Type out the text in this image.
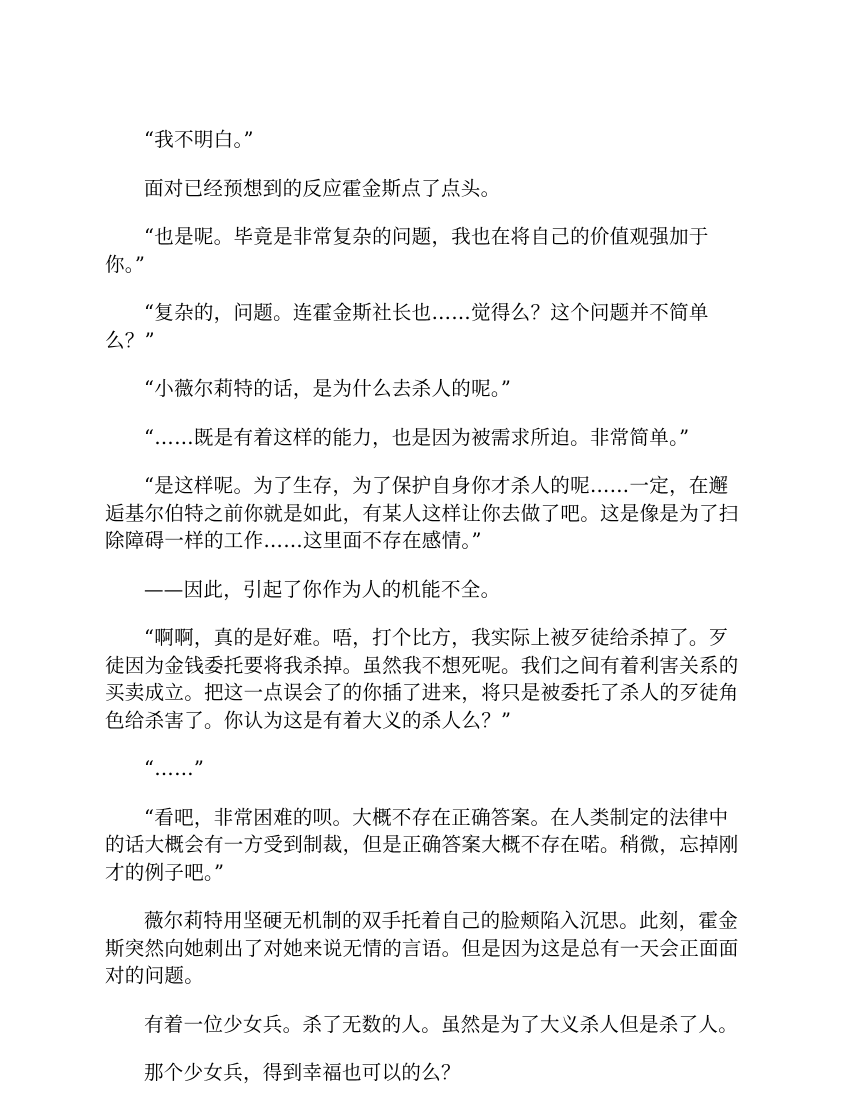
“我不明白。”

面对已经预想到的反应霍金斯点了点头。

“也是呢。毕竟是非常复杂的问题，我也在将自己的价值观强加于你。”

“复杂的，问题。连霍金斯社长也……觉得么？这个问题并不简单么？”

“小薇尔莉特的话，是为什么去杀人的呢。”

“……既是有着这样的能力，也是因为被需求所迫。非常简单。”

“是这样呢。为了生存，为了保护自身你才杀人的呢……一定，在邂逅基尔伯特之前你就是如此，有某人这样让你去做了吧。这是像是为了扫除障碍一样的工作……这里面不存在感情。”

——因此，引起了你作为人的机能不全。

“啊啊，真的是好难。唔，打个比方，我实际上被歹徒给杀掉了。歹徒因为金钱委托要将我杀掉。虽然我不想死呢。我们之间有着利害关系的买卖成立。把这一点误会了的你插了进来，将只是被委托了杀人的歹徒角色给杀害了。你认为这是有着大义的杀人么？”

“……”

“看吧，非常困难的呗。大概不存在正确答案。在人类制定的法律中的话大概会有一方受到制裁，但是正确答案大概不存在喏。稍微，忘掉刚才的例子吧。”

薇尔莉特用坚硬无机制的双手托着自己的脸颊陷入沉思。此刻，霍金斯突然向她刺出了对她来说无情的言语。但是因为这是总有一天会正面面对的问题。

有着一位少女兵。杀了无数的人。虽然是为了大义杀人但是杀了人。

那个少女兵，得到幸福也可以的么？
